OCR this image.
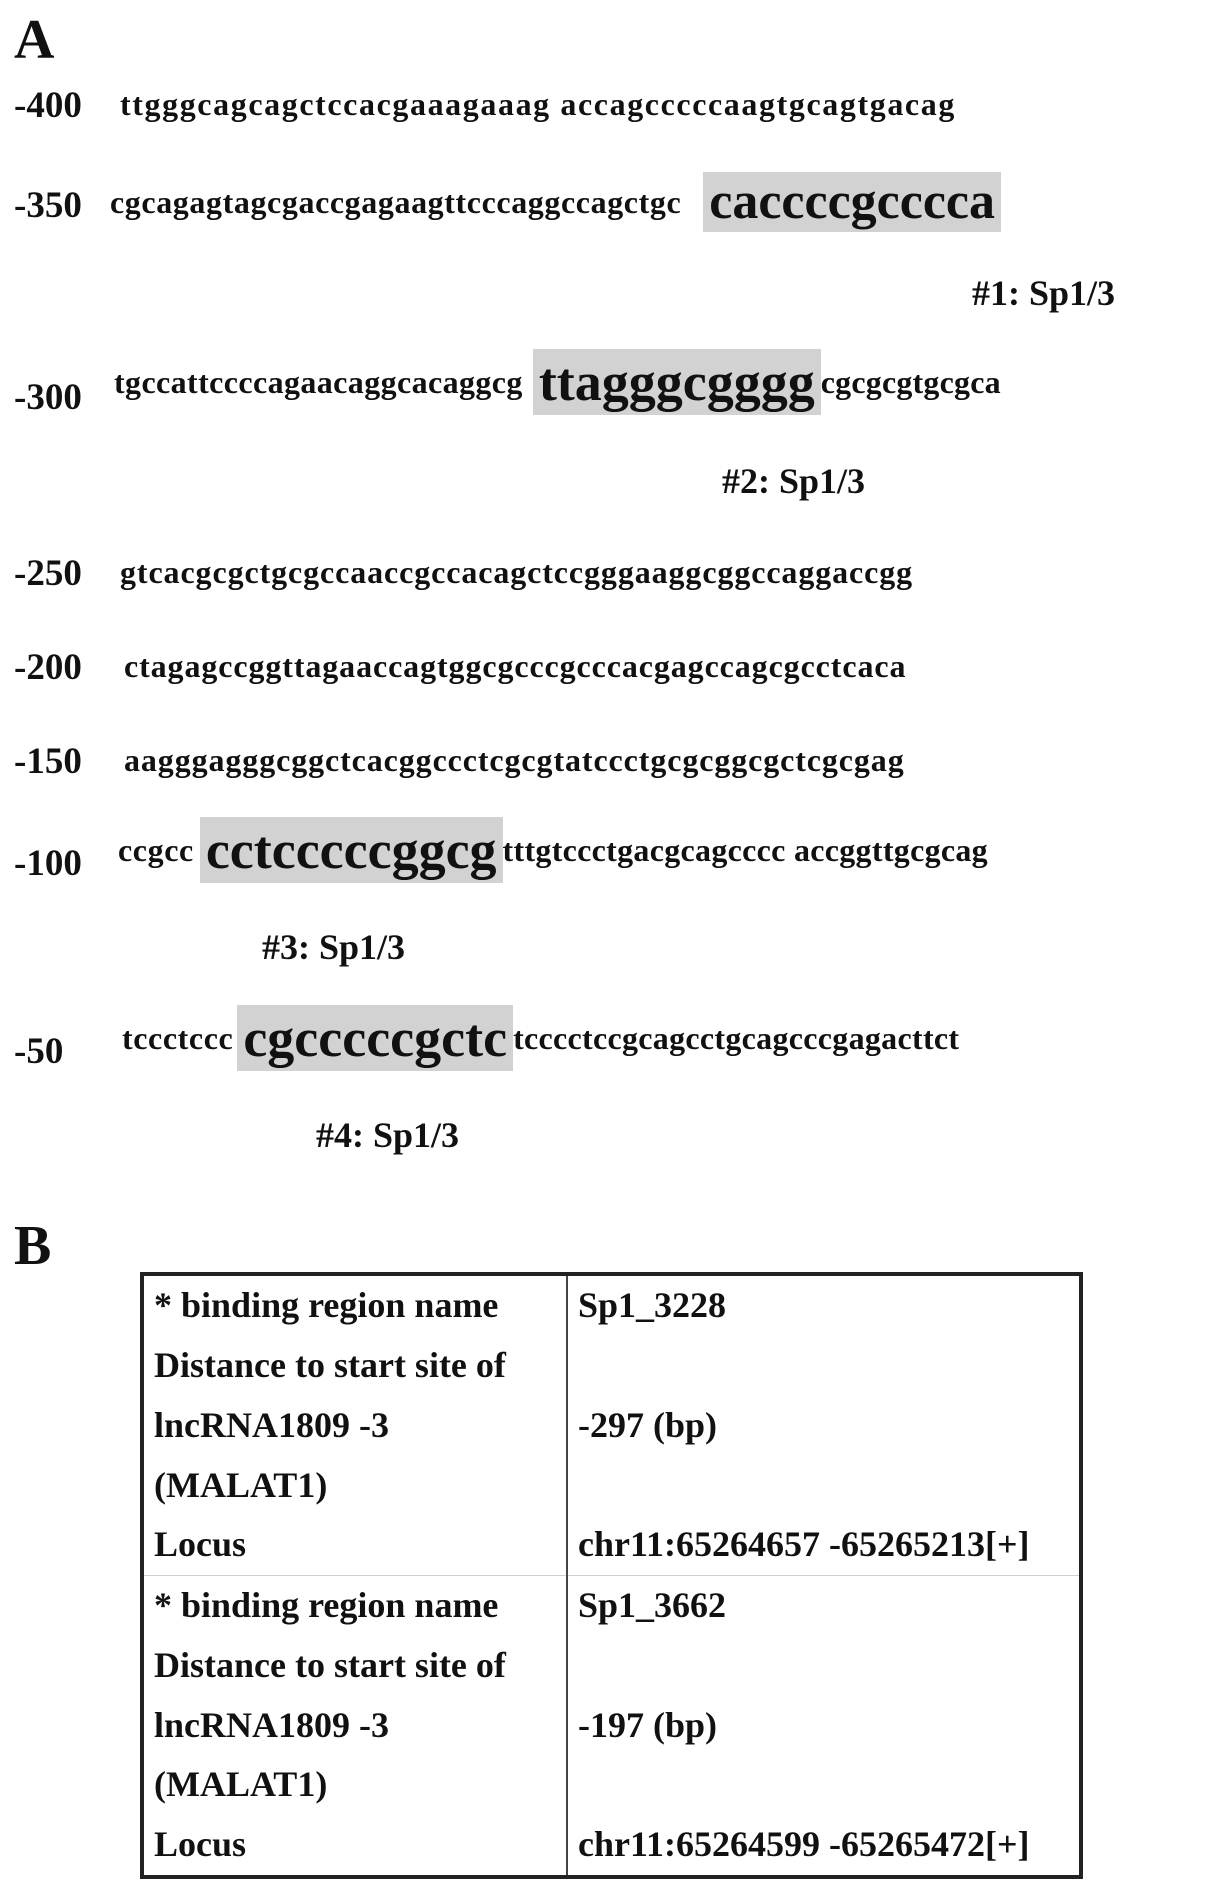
A
-400 ttgggcagcagctccacgaaagaaag accagcccccaagtgcagtgacag
-350 cgcagagtagcgaccgagaagttcccaggccagctgc caccccgcccca
#1: Sp1/3
-300 tgccattccccagaacaggcacaggcg ttagggcgggg cgcgcgtgcgca
#2: Sp1/3
-250 gtcacgcgctgcgccaaccgccacagctccgggaaggcggccaggaccgg
-200 ctagagccggttagaaccagtggcgcccgcccacgagccagcgcctcaca
-150 aagggagggcggctcacggccctcgcgtatccctgcgcggcgctcgcgag
-100 ccgcc cctcccccggcg tttgtccctgacgcagcccc accggttgcgcag
#3: Sp1/3
-50 tccctccc cgcccccgctc tcccctccgcagcctgcagcccgagacttct
#4: Sp1/3
B
* binding region name	Sp1_3228
Distance to start site of	
lncRNA1809 -3	-297 (bp)
(MALAT1)	
Locus	chr11:65264657 -65265213[+]
* binding region name	Sp1_3662
Distance to start site of	
lncRNA1809 -3	-197 (bp)
(MALAT1)	
Locus	chr11:65264599 -65265472[+]
